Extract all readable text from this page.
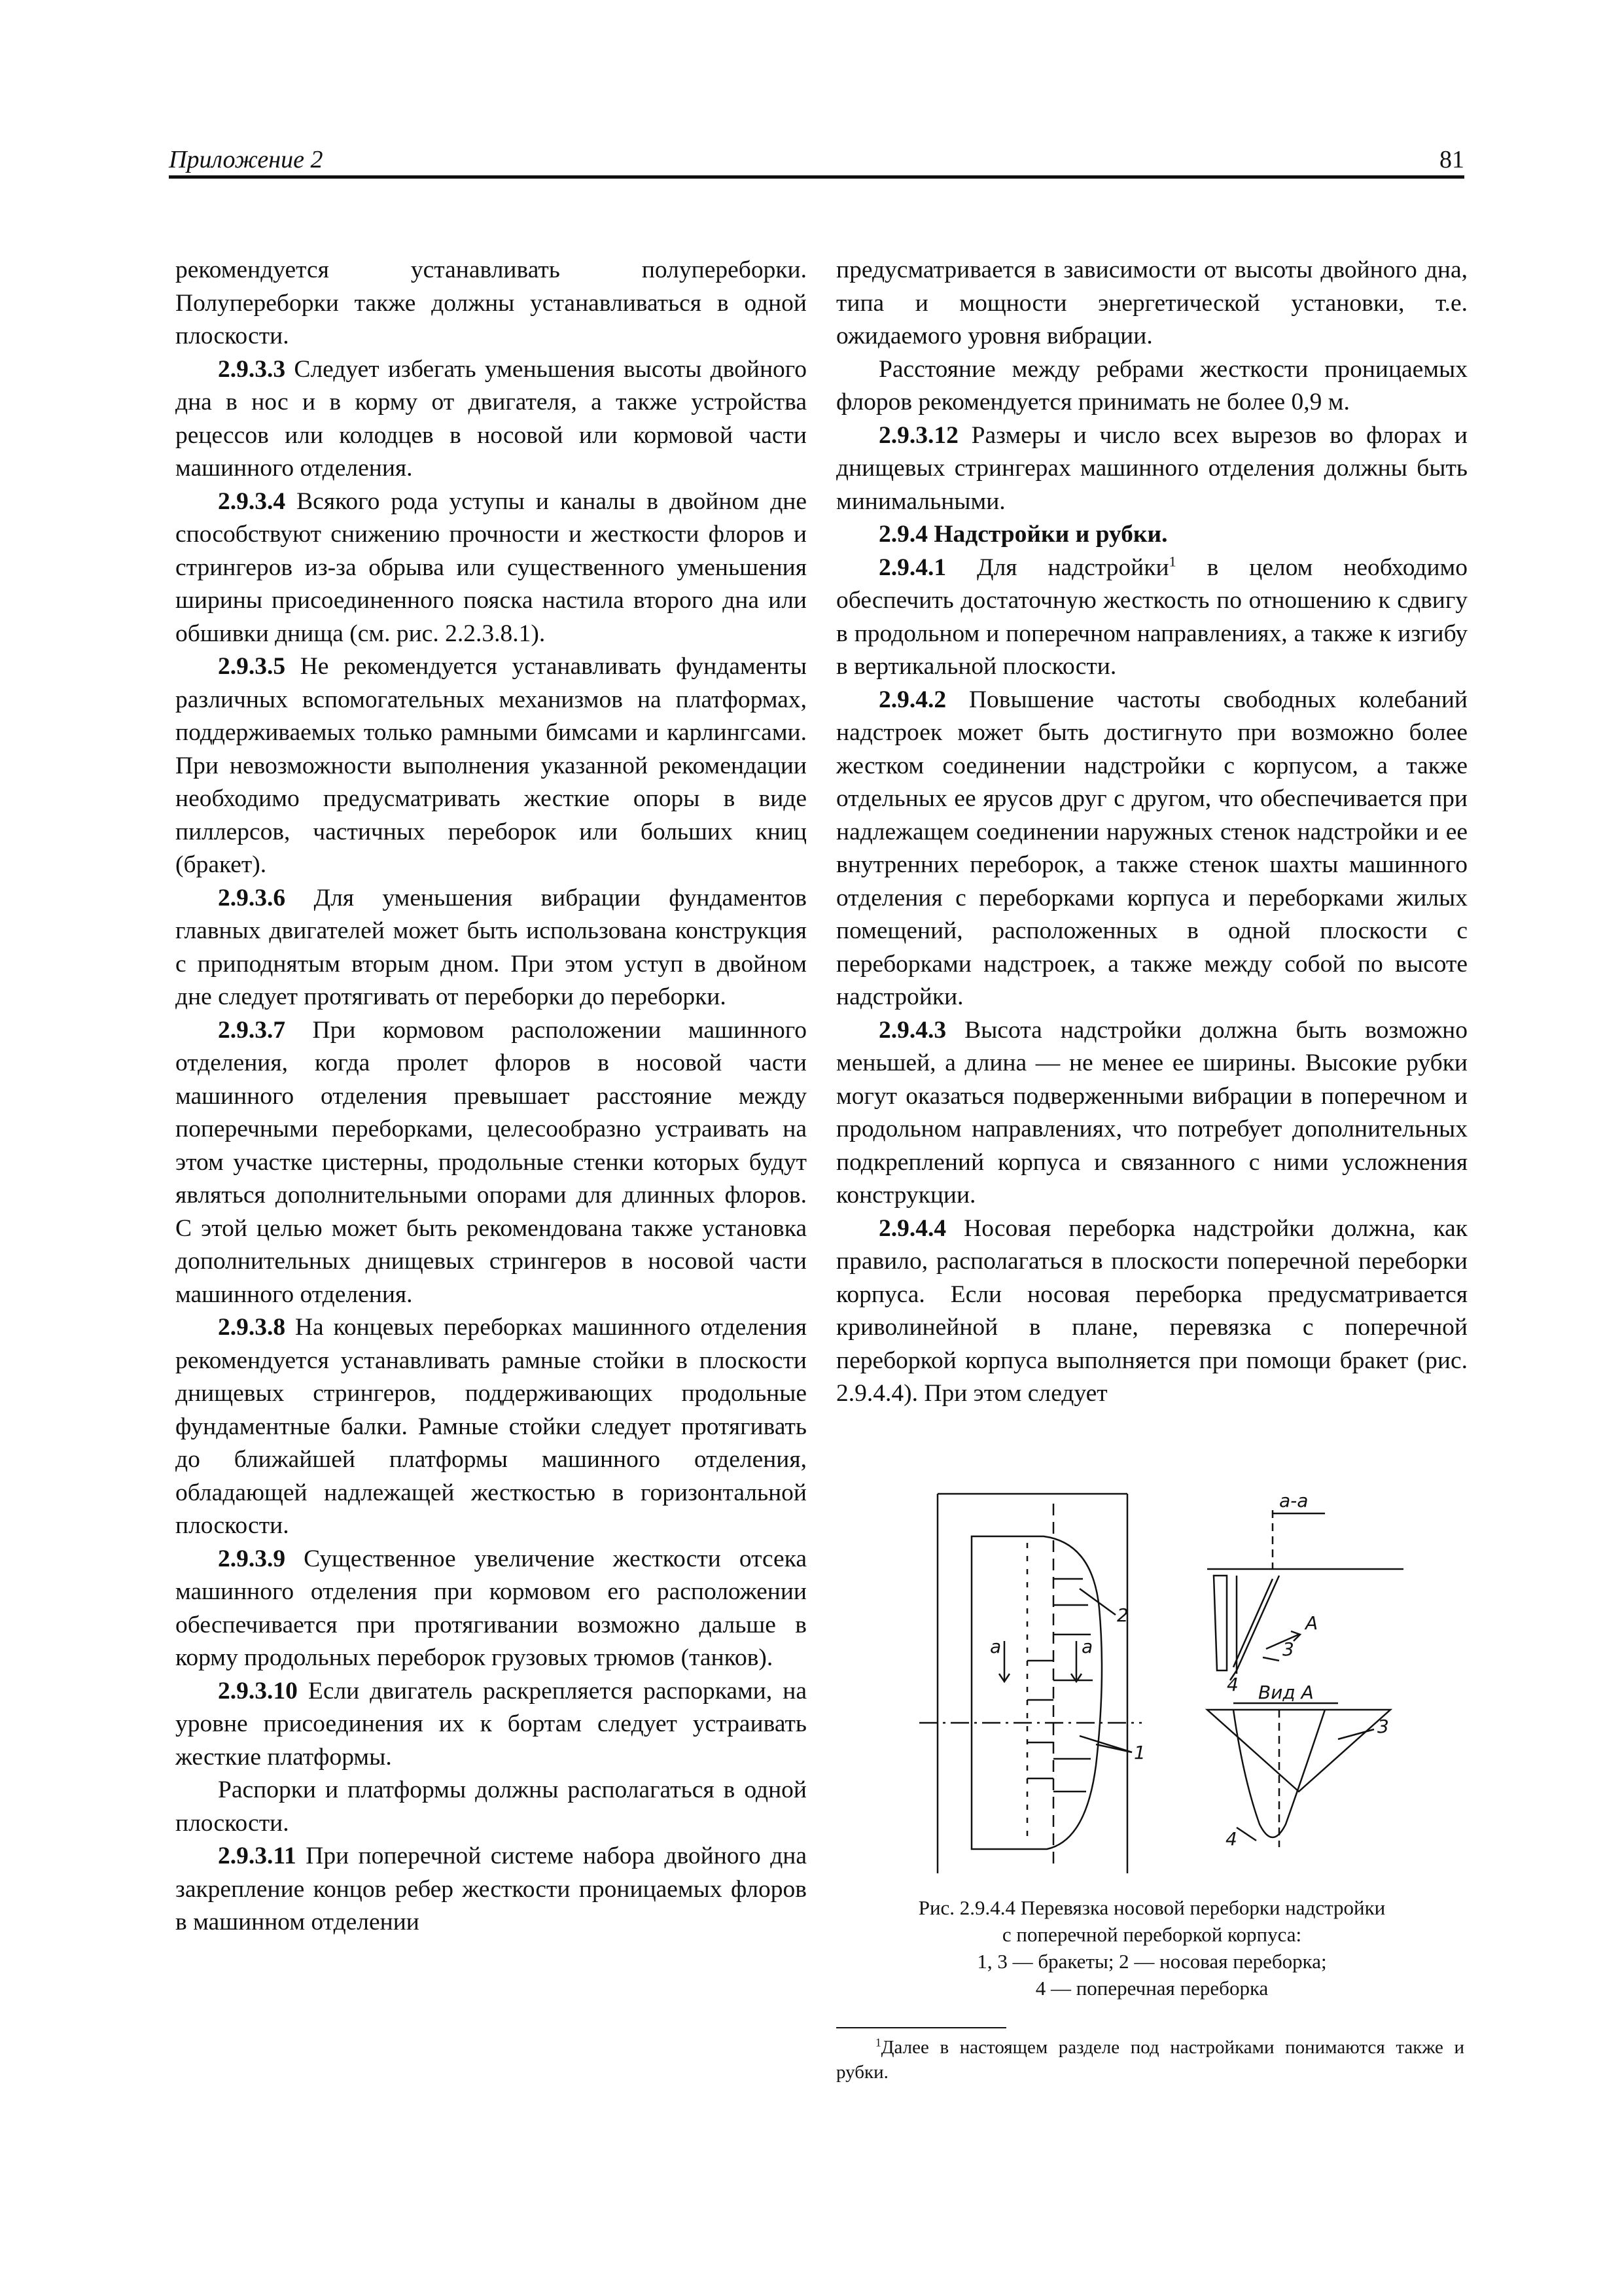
Приложение 2	81

рекомендуется устанавливать полупереборки. Полупереборки также должны устанавливаться в одной плоскости.

2.9.3.3 Следует избегать уменьшения высоты двойного дна в нос и в корму от двигателя, а также устройства рецессов или колодцев в носовой или кормовой части машинного отделения.

2.9.3.4 Всякого рода уступы и каналы в двойном дне способствуют снижению прочности и жесткости флоров и стрингеров из-за обрыва или существенного уменьшения ширины присоединенного пояска настила второго дна или обшивки днища (см. рис. 2.2.3.8.1).

2.9.3.5 Не рекомендуется устанавливать фундаменты различных вспомогательных механизмов на платформах, поддерживаемых только рамными бимсами и карлингсами. При невозможности выполнения указанной рекомендации необходимо предусматривать жесткие опоры в виде пиллерсов, частичных переборок или больших книц (бракет).

2.9.3.6 Для уменьшения вибрации фундаментов главных двигателей может быть использована конструкция с приподнятым вторым дном. При этом уступ в двойном дне следует протягивать от переборки до переборки.

2.9.3.7 При кормовом расположении машинного отделения, когда пролет флоров в носовой части машинного отделения превышает расстояние между поперечными переборками, целесообразно устраивать на этом участке цистерны, продольные стенки которых будут являться дополнительными опорами для длинных флоров. С этой целью может быть рекомендована также установка дополнительных днищевых стрингеров в носовой части машинного отделения.

2.9.3.8 На концевых переборках машинного отделения рекомендуется устанавливать рамные стойки в плоскости днищевых стрингеров, поддерживающих продольные фундаментные балки. Рамные стойки следует протягивать до ближайшей платформы машинного отделения, обладающей надлежащей жесткостью в горизонтальной плоскости.

2.9.3.9 Существенное увеличение жесткости отсека машинного отделения при кормовом его расположении обеспечивается при протягивании возможно дальше в корму продольных переборок грузовых трюмов (танков).

2.9.3.10 Если двигатель раскрепляется распорками, на уровне присоединения их к бортам следует устраивать жесткие платформы.

Распорки и платформы должны располагаться в одной плоскости.

2.9.3.11 При поперечной системе набора двойного дна закрепление концов ребер жесткости проницаемых флоров в машинном отделении

предусматривается в зависимости от высоты двойного дна, типа и мощности энергетической установки, т.е. ожидаемого уровня вибрации.

Расстояние между ребрами жесткости проницаемых флоров рекомендуется принимать не более 0,9 м.

2.9.3.12 Размеры и число всех вырезов во флорах и днищевых стрингерах машинного отделения должны быть минимальными.

2.9.4 Надстройки и рубки.

2.9.4.1 Для надстройки$^1$ в целом необходимо обеспечить достаточную жесткость по отношению к сдвигу в продольном и поперечном направлениях, а также к изгибу в вертикальной плоскости.

2.9.4.2 Повышение частоты свободных колебаний надстроек может быть достигнуто при возможно более жестком соединении надстройки с корпусом, а также отдельных ее ярусов друг с другом, что обеспечивается при надлежащем соединении наружных стенок надстройки и ее внутренних переборок, а также стенок шахты машинного отделения с переборками корпуса и переборками жилых помещений, расположенных в одной плоскости с переборками надстроек, а также между собой по высоте надстройки.

2.9.4.3 Высота надстройки должна быть возможно меньшей, а длина — не менее ее ширины. Высокие рубки могут оказаться подверженными вибрации в поперечном и продольном направлениях, что потребует дополнительных подкреплений корпуса и связанного с ними усложнения конструкции.

2.9.4.4 Носовая переборка надстройки должна, как правило, располагаться в плоскости поперечной переборки корпуса. Если носовая переборка предусматривается криволинейной в плане, перевязка с поперечной переборкой корпуса выполняется при помощи бракет (рис. 2.9.4.4). При этом следует

а-а
Вид А
А
а	а
1
2
3
3
4
4
Рис. 2.9.4.4 Перевязка носовой переборки надстройки
с поперечной переборкой корпуса:
1, 3 — бракеты; 2 — носовая переборка;
4 — поперечная переборка
$^1$Далее в настоящем разделе под настройками понимаются также и рубки.
